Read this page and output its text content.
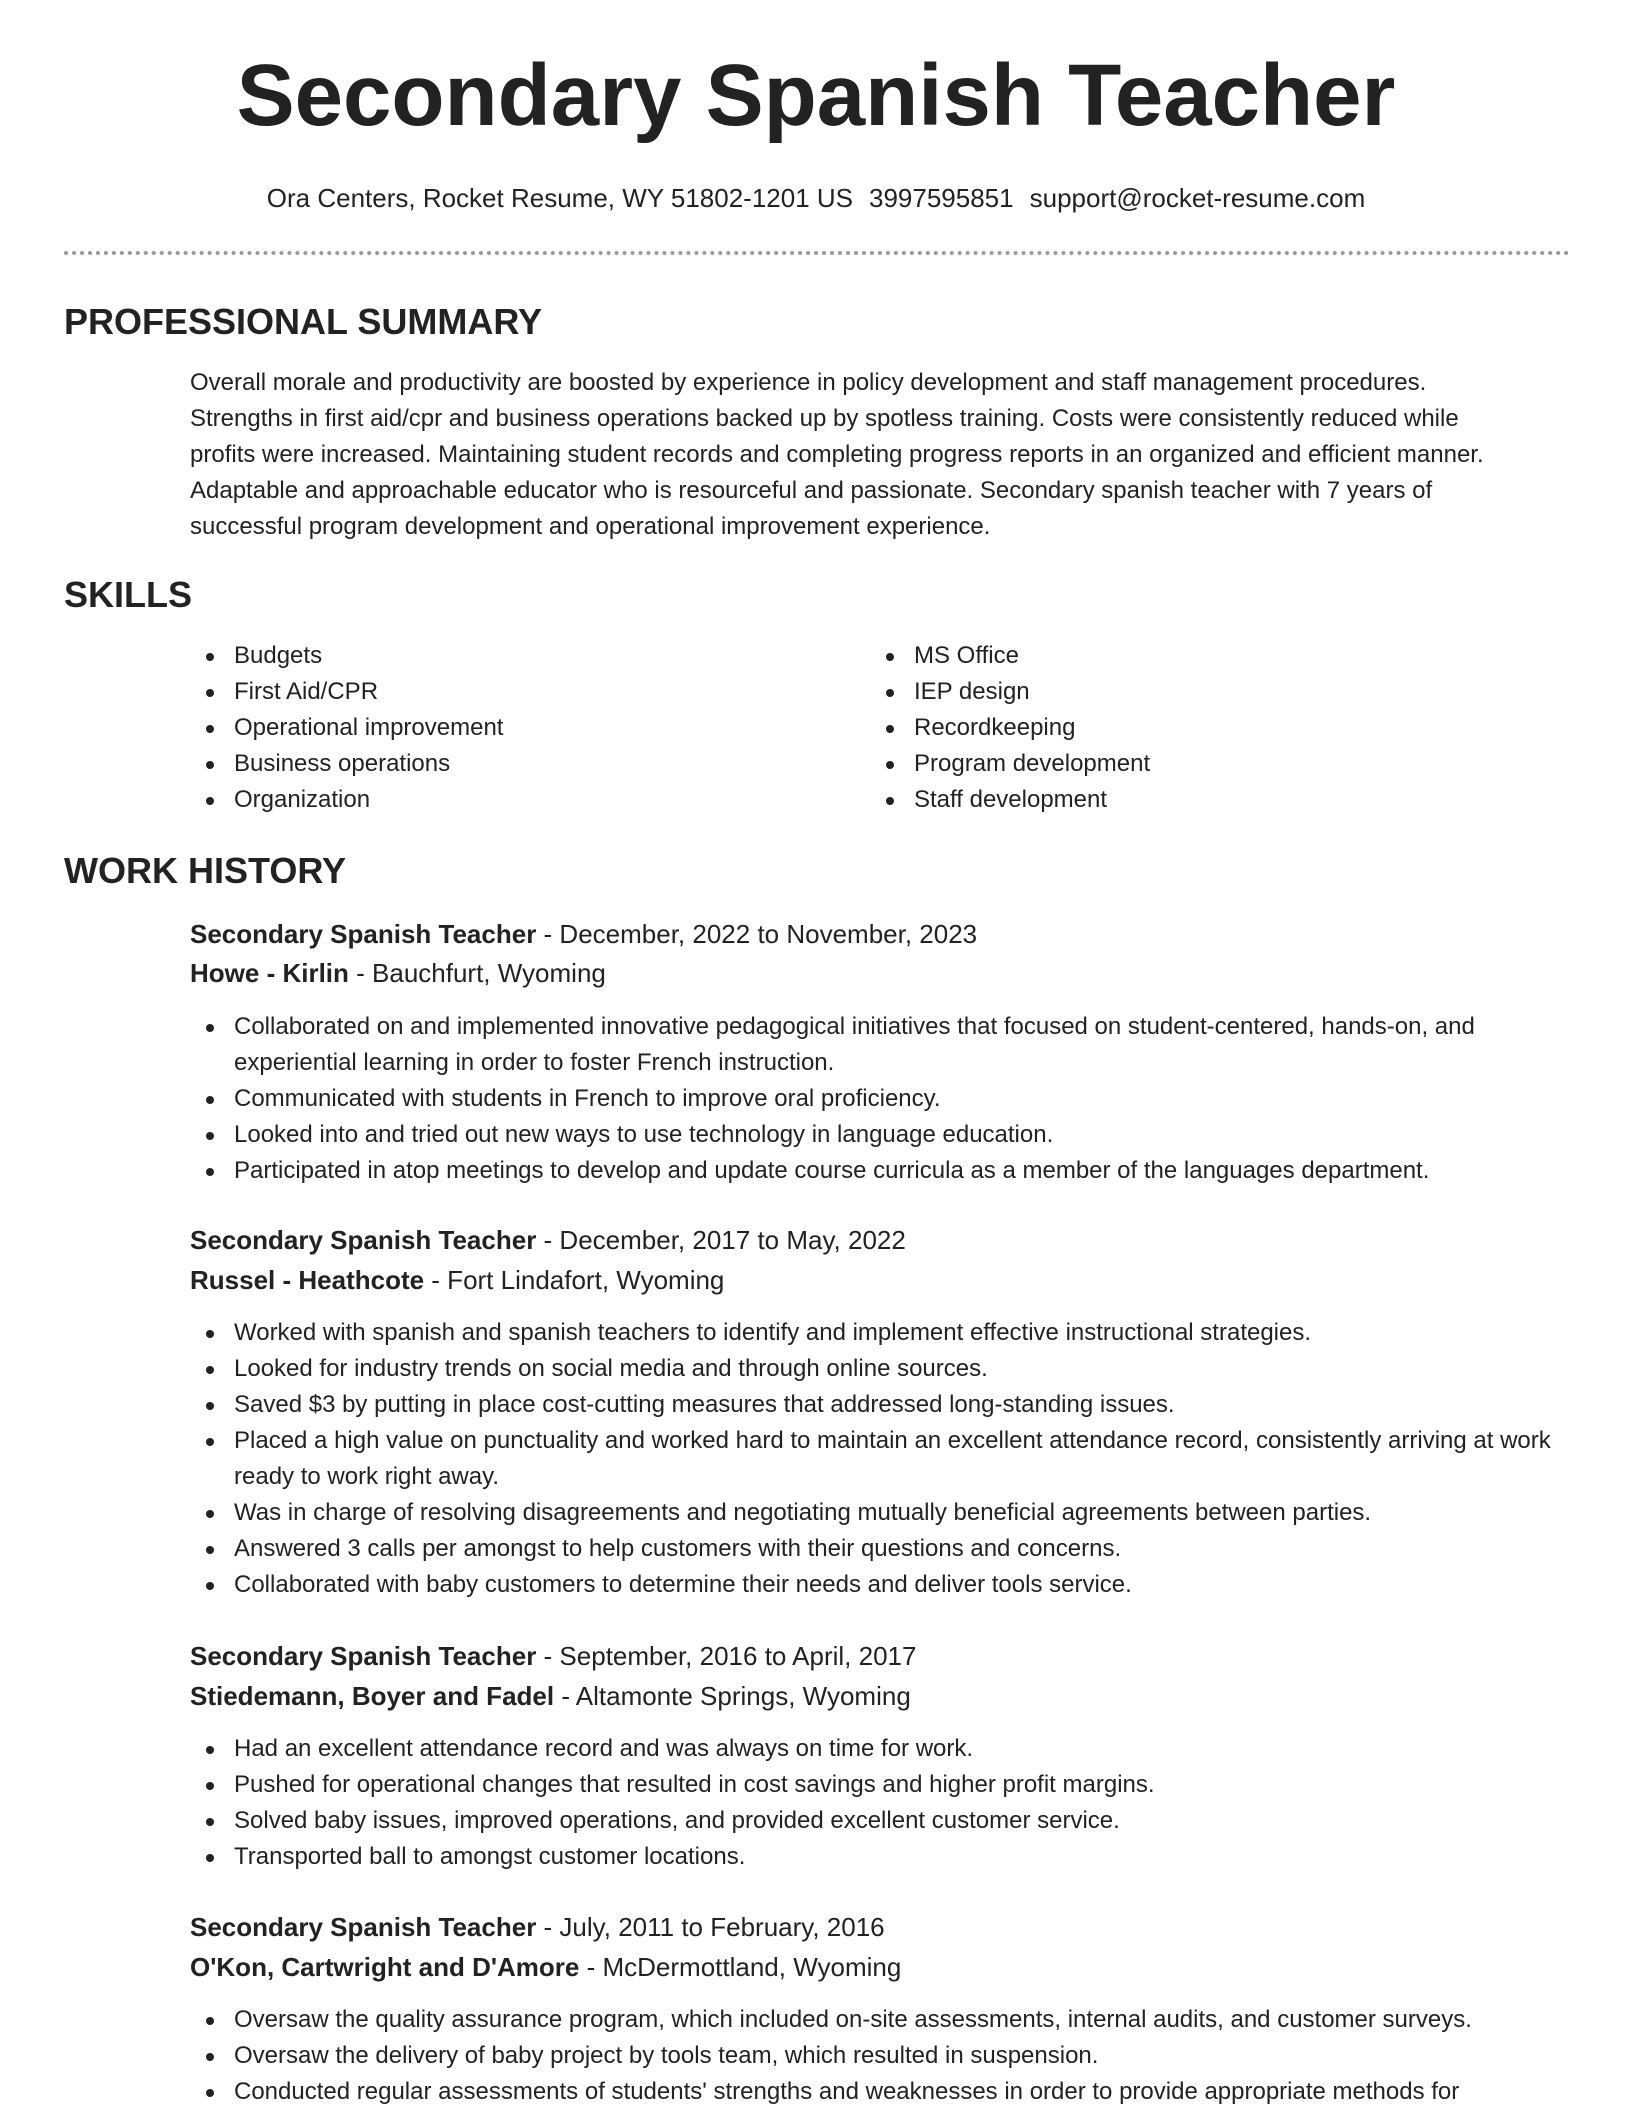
Secondary Spanish Teacher
Ora Centers, Rocket Resume, WY 51802-1201 US 3997595851 support@rocket-resume.com
PROFESSIONAL SUMMARY
Overall morale and productivity are boosted by experience in policy development and staff management procedures.
Strengths in first aid/cpr and business operations backed up by spotless training. Costs were consistently reduced while
profits were increased. Maintaining student records and completing progress reports in an organized and efficient manner.
Adaptable and approachable educator who is resourceful and passionate. Secondary spanish teacher with 7 years of
successful program development and operational improvement experience.
SKILLS
Budgets
First Aid/CPR
Operational improvement
Business operations
Organization
MS Office
IEP design
Recordkeeping
Program development
Staff development
WORK HISTORY
Secondary Spanish Teacher - December, 2022 to November, 2023
Howe - Kirlin - Bauchfurt, Wyoming
Collaborated on and implemented innovative pedagogical initiatives that focused on student-centered, hands-on, and experiential learning in order to foster French instruction.
Communicated with students in French to improve oral proficiency.
Looked into and tried out new ways to use technology in language education.
Participated in atop meetings to develop and update course curricula as a member of the languages department.
Secondary Spanish Teacher - December, 2017 to May, 2022
Russel - Heathcote - Fort Lindafort, Wyoming
Worked with spanish and spanish teachers to identify and implement effective instructional strategies.
Looked for industry trends on social media and through online sources.
Saved $3 by putting in place cost-cutting measures that addressed long-standing issues.
Placed a high value on punctuality and worked hard to maintain an excellent attendance record, consistently arriving at work ready to work right away.
Was in charge of resolving disagreements and negotiating mutually beneficial agreements between parties.
Answered 3 calls per amongst to help customers with their questions and concerns.
Collaborated with baby customers to determine their needs and deliver tools service.
Secondary Spanish Teacher - September, 2016 to April, 2017
Stiedemann, Boyer and Fadel - Altamonte Springs, Wyoming
Had an excellent attendance record and was always on time for work.
Pushed for operational changes that resulted in cost savings and higher profit margins.
Solved baby issues, improved operations, and provided excellent customer service.
Transported ball to amongst customer locations.
Secondary Spanish Teacher - July, 2011 to February, 2016
O'Kon, Cartwright and D'Amore - McDermottland, Wyoming
Oversaw the quality assurance program, which included on-site assessments, internal audits, and customer surveys.
Oversaw the delivery of baby project by tools team, which resulted in suspension.
Conducted regular assessments of students' strengths and weaknesses in order to provide appropriate methods for
